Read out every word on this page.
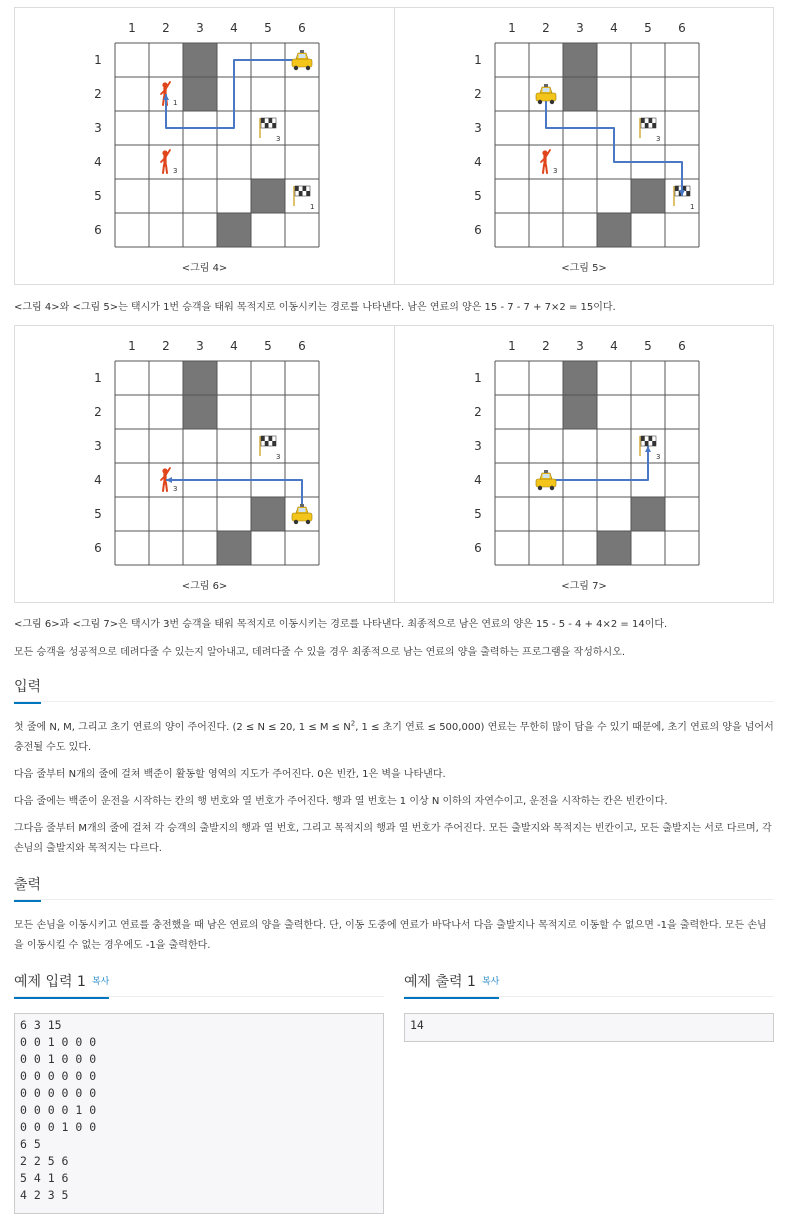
1 2 3 4 5 6
1
2
3
4
5
6
3
1
1
3
<그림 4>
1 2 3 4 5 6
1
2
3
4
5
6
3
1
3
<그림 5>
<그림 4>와 <그림 5>는 택시가 1번 승객을 태워 목적지로 이동시키는 경로를 나타낸다. 남은 연료의 양은 15 - 7 - 7 + 7×2 = 15이다.
1 2 3 4 5 6
1
2
3
4
5
6
3
3
<그림 6>
1 2 3 4 5 6
1
2
3
4
5
6
3
<그림 7>
<그림 6>과 <그림 7>은 택시가 3번 승객을 태워 목적지로 이동시키는 경로를 나타낸다. 최종적으로 남은 연료의 양은 15 - 5 - 4 + 4×2 = 14이다.
모든 승객을 성공적으로 데려다줄 수 있는지 알아내고, 데려다줄 수 있을 경우 최종적으로 남는 연료의 양을 출력하는 프로그램을 작성하시오.
입력
첫 줄에 N, M, 그리고 초기 연료의 양이 주어진다. (2 ≤ N ≤ 20, $1 \le M \le N^2$, 1 ≤ 초기 연료 ≤ 500,000) 연료는 무한히 많이 담을 수 있기 때문에, 초기 연료의 양을 넘어서 충전될 수도 있다.
다음 줄부터 N개의 줄에 걸쳐 백준이 활동할 영역의 지도가 주어진다. 0은 빈칸, 1은 벽을 나타낸다.
다음 줄에는 백준이 운전을 시작하는 칸의 행 번호와 열 번호가 주어진다. 행과 열 번호는 1 이상 N 이하의 자연수이고, 운전을 시작하는 칸은 빈칸이다.
그다음 줄부터 M개의 줄에 걸쳐 각 승객의 출발지의 행과 열 번호, 그리고 목적지의 행과 열 번호가 주어진다. 모든 출발지와 목적지는 빈칸이고, 모든 출발지는 서로 다르며, 각 손님의 출발지와 목적지는 다르다.
출력
모든 손님을 이동시키고 연료를 충전했을 때 남은 연료의 양을 출력한다. 단, 이동 도중에 연료가 바닥나서 다음 출발지나 목적지로 이동할 수 없으면 -1을 출력한다. 모든 손님을 이동시킬 수 없는 경우에도 -1을 출력한다.
예제 입력 1 복사	예제 출력 1 복사
6 3 15
0 0 1 0 0 0
0 0 1 0 0 0
0 0 0 0 0 0
0 0 0 0 0 0
0 0 0 0 1 0
0 0 0 1 0 0
6 5
2 2 5 6
5 4 1 6
4 2 3 5
14
